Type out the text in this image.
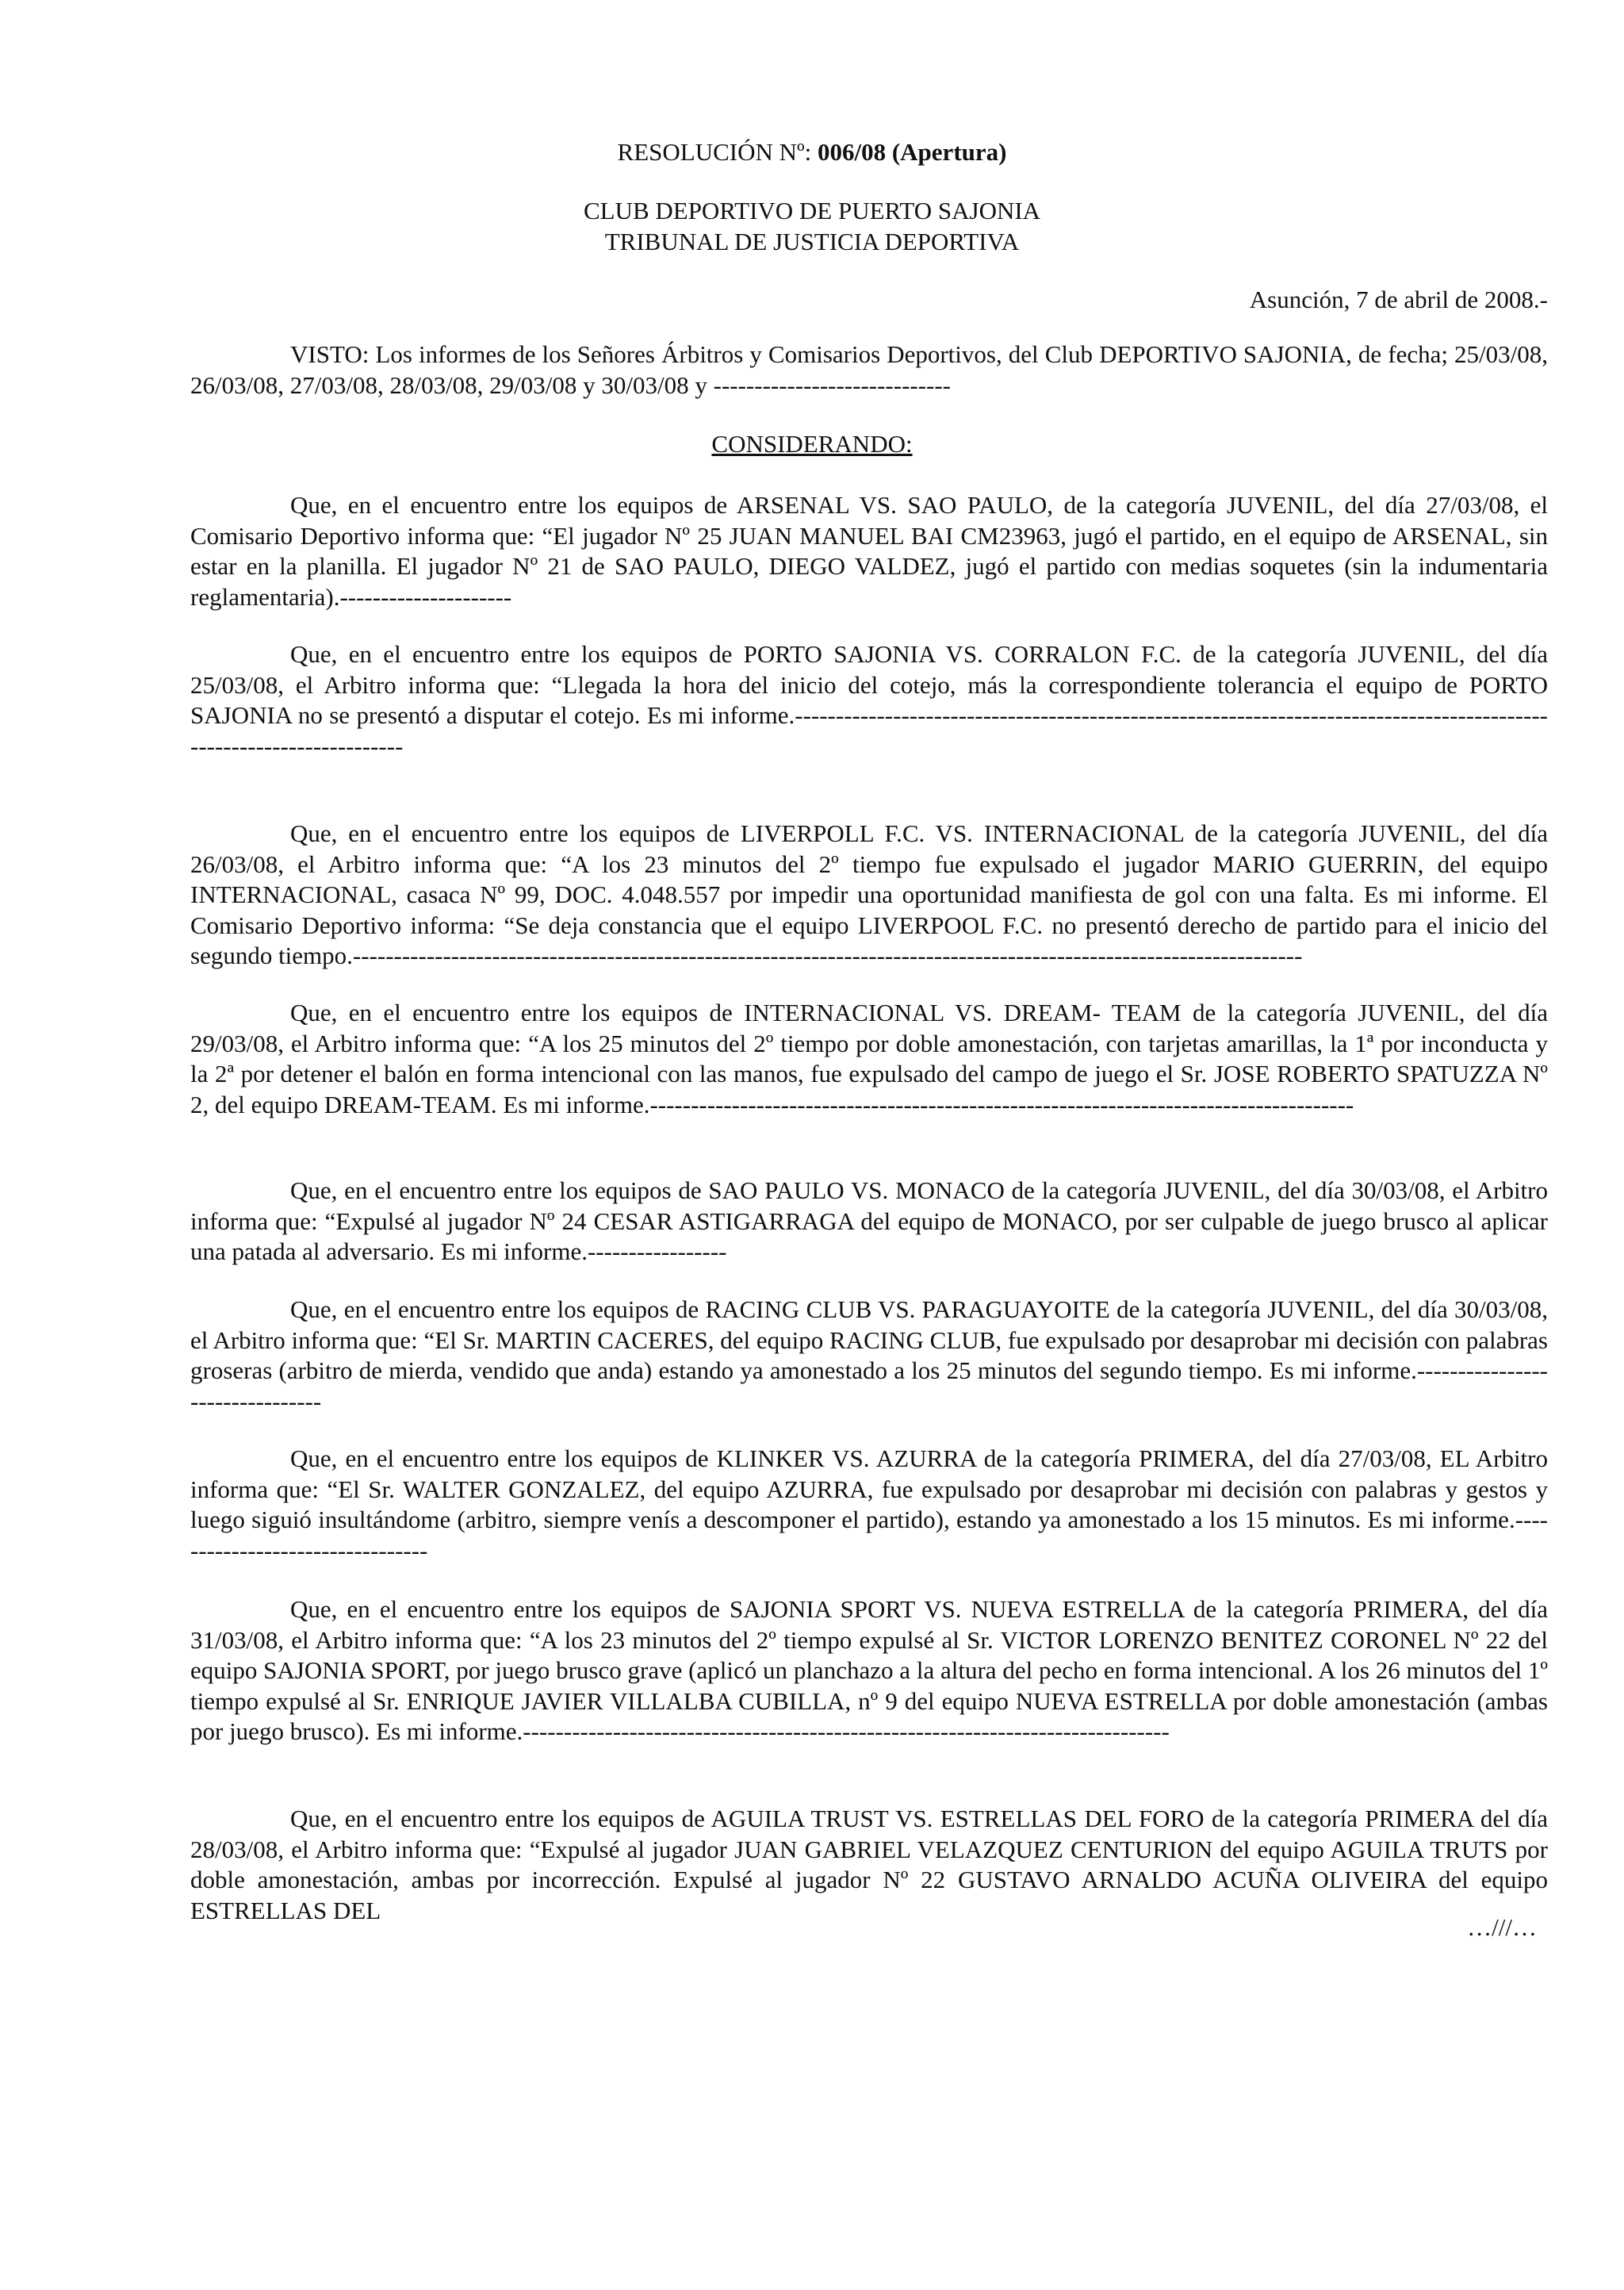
RESOLUCIÓN Nº: 006/08 (Apertura)
CLUB DEPORTIVO DE PUERTO SAJONIA
TRIBUNAL DE JUSTICIA DEPORTIVA
Asunción, 7 de abril de 2008.-
VISTO: Los informes de los Señores Árbitros y Comisarios Deportivos, del Club DEPORTIVO SAJONIA, de fecha; 25/03/08, 26/03/08, 27/03/08, 28/03/08, 29/03/08 y 30/03/08 y -----------------------------
CONSIDERANDO:
Que, en el encuentro entre los equipos de ARSENAL VS. SAO PAULO, de la categoría JUVENIL, del día 27/03/08, el Comisario Deportivo informa que: “El jugador Nº 25 JUAN MANUEL BAI CM23963, jugó el partido, en el equipo de ARSENAL, sin estar en la planilla. El jugador Nº 21 de SAO PAULO, DIEGO VALDEZ, jugó el partido con medias soquetes (sin la indumentaria reglamentaria).---------------------
Que, en el encuentro entre los equipos de PORTO SAJONIA VS. CORRALON F.C. de la categoría JUVENIL, del día 25/03/08, el Arbitro informa que: “Llegada la hora del inicio del cotejo, más la correspondiente tolerancia el equipo de PORTO SAJONIA no se presentó a disputar el cotejo. Es mi informe.----------------------------------------------------------------------------------------------------------------------
Que, en el encuentro entre los equipos de LIVERPOLL F.C. VS. INTERNACIONAL de la categoría JUVENIL, del día 26/03/08, el Arbitro informa que: “A los 23 minutos del 2º tiempo fue expulsado el jugador MARIO GUERRIN, del equipo INTERNACIONAL, casaca Nº 99, DOC. 4.048.557 por impedir una oportunidad manifiesta de gol con una falta. Es mi informe. El Comisario Deportivo informa: “Se deja constancia que el equipo LIVERPOOL F.C. no presentó derecho de partido para el inicio del segundo tiempo.--------------------------------------------------------------------------------------------------------------------
Que, en el encuentro entre los equipos de INTERNACIONAL VS. DREAM- TEAM de la categoría JUVENIL, del día 29/03/08, el Arbitro informa que: “A los 25 minutos del 2º tiempo por doble amonestación, con tarjetas amarillas, la 1ª por inconducta y la 2ª por detener el balón en forma intencional con las manos, fue expulsado del campo de juego el Sr. JOSE ROBERTO SPATUZZA Nº 2, del equipo DREAM-TEAM. Es mi informe.--------------------------------------------------------------------------------------
Que, en el encuentro entre los equipos de SAO PAULO VS. MONACO de la categoría JUVENIL, del día 30/03/08, el Arbitro informa que: “Expulsé al jugador Nº 24 CESAR ASTIGARRAGA del equipo de MONACO, por ser culpable de juego brusco al aplicar una patada al adversario. Es mi informe.-----------------
Que, en el encuentro entre los equipos de RACING CLUB VS. PARAGUAYOITE de la categoría JUVENIL, del día 30/03/08, el Arbitro informa que: “El Sr. MARTIN CACERES, del equipo RACING CLUB, fue expulsado por desaprobar mi decisión con palabras groseras (arbitro de mierda, vendido que anda) estando ya amonestado a los 25 minutos del segundo tiempo. Es mi informe.--------------------------------
Que, en el encuentro entre los equipos de KLINKER VS. AZURRA de la categoría PRIMERA, del día 27/03/08, EL Arbitro informa que: “El Sr. WALTER GONZALEZ, del equipo AZURRA, fue expulsado por desaprobar mi decisión con palabras y gestos y luego siguió insultándome (arbitro, siempre venís a descomponer el partido), estando ya amonestado a los 15 minutos. Es mi informe.---------------------------------
Que, en el encuentro entre los equipos de SAJONIA SPORT VS. NUEVA ESTRELLA de la categoría PRIMERA, del día 31/03/08, el Arbitro informa que: “A los 23 minutos del 2º tiempo expulsé al Sr. VICTOR LORENZO BENITEZ CORONEL Nº 22 del equipo SAJONIA SPORT, por juego brusco grave (aplicó un planchazo a la altura del pecho en forma intencional. A los 26 minutos del 1º tiempo expulsé al Sr. ENRIQUE JAVIER VILLALBA CUBILLA, nº 9 del equipo NUEVA ESTRELLA por doble amonestación (ambas por juego brusco). Es mi informe.-------------------------------------------------------------------------------
Que, en el encuentro entre los equipos de AGUILA TRUST VS. ESTRELLAS DEL FORO de la categoría PRIMERA del día 28/03/08, el Arbitro informa que: “Expulsé al jugador JUAN GABRIEL VELAZQUEZ CENTURION del equipo AGUILA TRUTS por doble amonestación, ambas por incorrección. Expulsé al jugador Nº 22 GUSTAVO ARNALDO ACUÑA OLIVEIRA del equipo ESTRELLAS DEL
…///…
